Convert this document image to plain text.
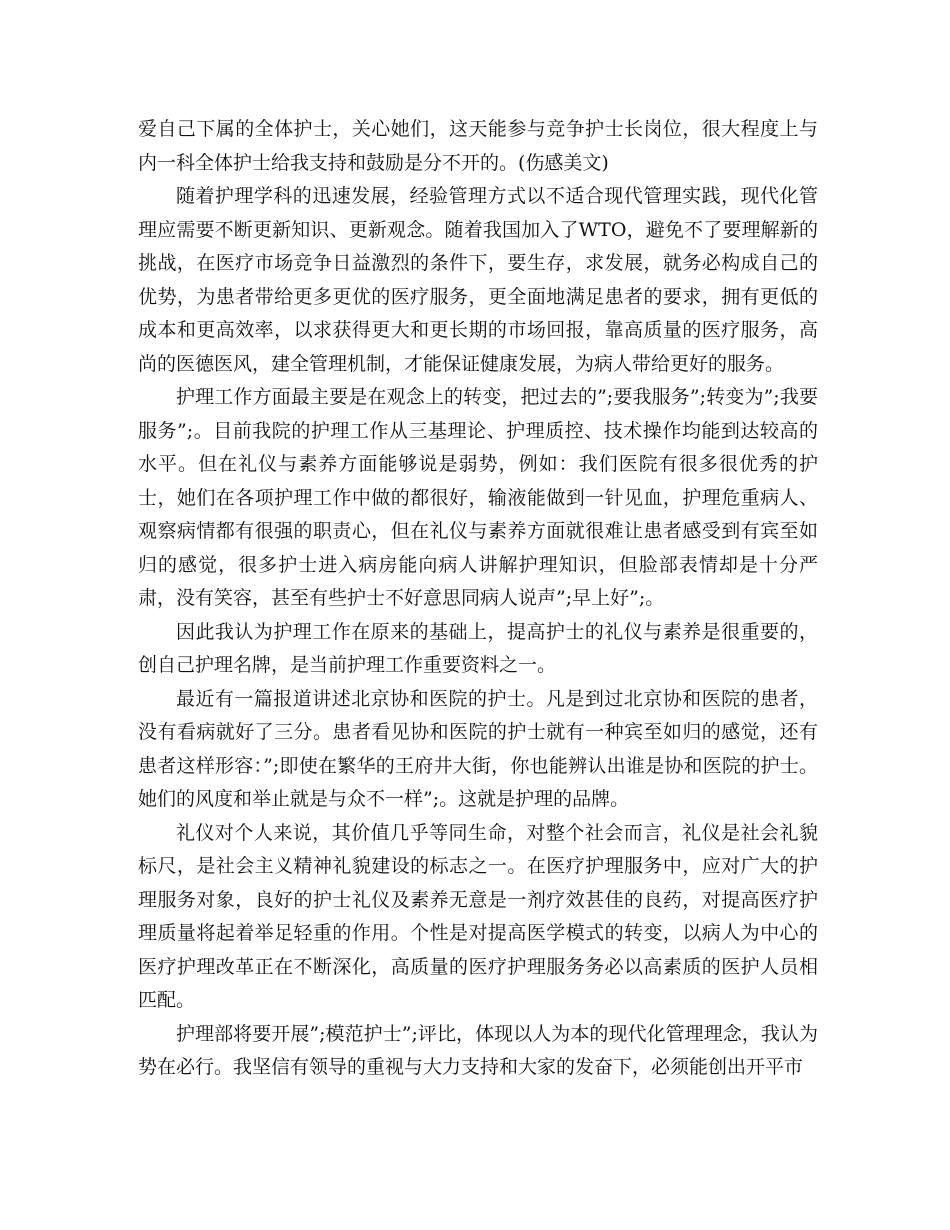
爱自己下属的全体护士，关心她们，这天能参与竞争护士长岗位，很大程度上与内一科全体护士给我支持和鼓励是分不开的。(伤感美文)

随着护理学科的迅速发展，经验管理方式以不适合现代管理实践，现代化管理应需要不断更新知识、更新观念。随着我国加入了WTO，避免不了要理解新的挑战，在医疗市场竞争日益激烈的条件下，要生存，求发展，就务必构成自己的优势，为患者带给更多更优的医疗服务，更全面地满足患者的要求，拥有更低的成本和更高效率，以求获得更大和更长期的市场回报，靠高质量的医疗服务，高尚的医德医风，建全管理机制，才能保证健康发展，为病人带给更好的服务。

护理工作方面最主要是在观念上的转变，把过去的”;要我服务”;转变为”;我要服务”;。目前我院的护理工作从三基理论、护理质控、技术操作均能到达较高的水平。但在礼仪与素养方面能够说是弱势，例如：我们医院有很多很优秀的护士，她们在各项护理工作中做的都很好，输液能做到一针见血，护理危重病人、观察病情都有很强的职责心，但在礼仪与素养方面就很难让患者感受到有宾至如归的感觉，很多护士进入病房能向病人讲解护理知识，但脸部表情却是十分严肃，没有笑容，甚至有些护士不好意思同病人说声”;早上好”;。

因此我认为护理工作在原来的基础上，提高护士的礼仪与素养是很重要的，创自己护理名牌，是当前护理工作重要资料之一。

最近有一篇报道讲述北京协和医院的护士。凡是到过北京协和医院的患者，没有看病就好了三分。患者看见协和医院的护士就有一种宾至如归的感觉，还有患者这样形容：”;即使在繁华的王府井大街，你也能辨认出谁是协和医院的护士。她们的风度和举止就是与众不一样”;。这就是护理的品牌。

礼仪对个人来说，其价值几乎等同生命，对整个社会而言，礼仪是社会礼貌标尺，是社会主义精神礼貌建设的标志之一。在医疗护理服务中，应对广大的护理服务对象，良好的护士礼仪及素养无意是一剂疗效甚佳的良药，对提高医疗护理质量将起着举足轻重的作用。个性是对提高医学模式的转变，以病人为中心的医疗护理改革正在不断深化，高质量的医疗护理服务务必以高素质的医护人员相匹配。

护理部将要开展”;模范护士”;评比，体现以人为本的现代化管理理念，我认为势在必行。我坚信有领导的重视与大力支持和大家的发奋下，必须能创出开平市
